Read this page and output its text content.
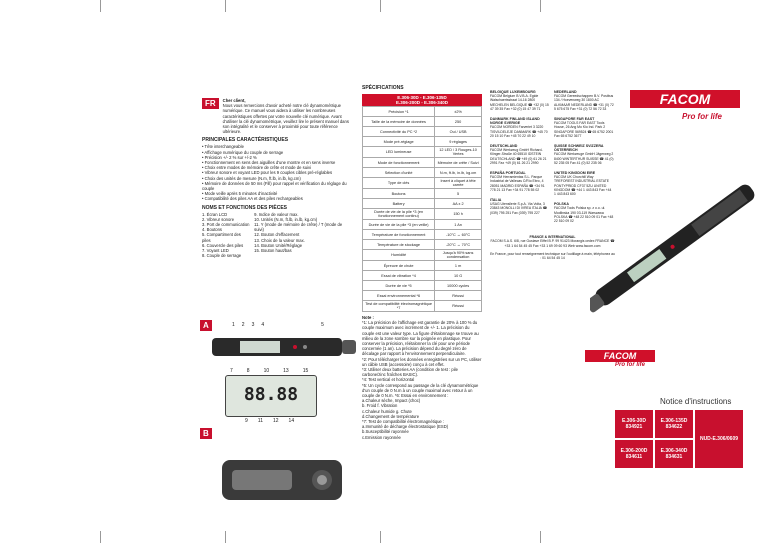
FR	Cher client,
Nous vous remercions d'avoir acheté notre clé dynamométrique numérique. Ce manuel vous aidera à utiliser les nombreuses caractéristiques offertes par votre nouvelle clé numérique. Avant d'utiliser la clé dynamométrique, veuillez lire le présent manuel dans son intégralité et le conserver à proximité pour toute référence ultérieure.
PRINCIPALES CARACTÉRISTIQUES
• Tête interchangeable
• Affichage numérique du couple de serrage
• Précision +/- 2 % sur +/-2 %
• Fonctionnement en sens des aiguilles d'une montre et en sens inverse
• Choix entre modes de mémoire de crête et mode de suivi
• Vibreur sonore et voyant LED pour les 9 couples cibles pré-réglables
• Choix des unités de mesure (N.m, ft.lb, in.lb, kg.cm)
• Mémoire de données de 50 ms (Fill) pour rappel et vérification du réglage du couple
• Mode veille après 5 minutes d'inactivité
• Compatibilité des piles AA et des piles rechargeables
NOMS ET FONCTIONS DES PIÈCES
1. Écran LCD
2. Vibreur sonore
3. Port de communication
4. Boutons
5. Compartiment des piles
6. Couvercle des piles
7. Voyant LED
8. Couple de serrage
9. Indice de valeur max.
10. Unités (N.m, ft.lb, in.lb, kg.cm)
11. Y (mode de mémoire de crête) / T (mode de suivi)
12. Bouton d'effacement
13. Choix de la valeur max.
14. Bouton Unité/Réglage
15. Bouton haut/bas
A
B
1 2 3 4	5
88.88
7	8	10	13	15
9 11 12 14
SPÉCIFICATIONS
E.306-30D - E.306-135D
E.306-200D - E.306-340D
Précision *1	±2%
Taille de la mémoire de données	250
Connectivité du PC *2	Oui / USB
Mode pré-réglage	9 réglages
LED lumineuse	12 LED / 3 Rouges-10 Vertes
Mode de fonctionnement	Mémoire de crête / Suivi
Sélection d'unité	N.m, ft.lb, in.lb, kg.cm
Type de clés	Insert à cliquet à tête carrée
Boutons	5
Battery	AA x 2
Durée de vie de la pile *3 (en fonctionnement continu)	150 h
Durée de vie de la pile *3 (en veille)	1 An
Température de fonctionnement	-10°C ↔ 60°C
Température de stockage	-20°C ↔ 70°C
Humidité	Jusqu'à 90% sans condensation
Épreuve de chute	1 m
Essai de vibration *4	10 G
Durée de vie *5	10000 cycles
Essai environnemental *6	Réussi
Test de compatibilité électromagnétique *7	Réussi
Note :
*1: La précision de l'affichage est garantie de 20% à 100 % du couple maximum avec incrément de +/- 1. La précision du couple est une valeur type. La figure d'étalonnage se trouve au milieu de la zone sombre sur la poignée en plastique. Pour conserver la précision, réétalonner la clé pour une période concernée (1 an). La précision dépend du degré zéro de décalage par rapport à l'environnement perpendiculaire.
*2: Pour télécharger les données enregistrées sur un PC, utiliser un câble USB (accessoire) conçu à cet effet.
*3: Utiliser deux batteries AA (condition de test : pile carbone/zinc fraîches BASIC).
*4: Test vertical et horizontal
*5: Un cycle correspond au passage de la clé dynamométrique d'un couple de 0 N.m à un couple maximal avec retour à un couple de 0 N.m. *6: Essai en environnement :
a.Chaleur sèche, Impact (choc)
b. Froid f. Vibration
c.Chaleur humide g. Chute
d.Changement de température
*7: Test de compatibilité électromagnétique :
a.Immunité de décharge électrostatique (ESD)
b.Susceptibilité rayonnée
c.Emission rayonnée
BELGIQUE LUXEMBOURG
FACOM Belgium B.V.B.A. Egide Walschaertsstraat 14-16 2800 MECHELEN BELGIQUE ☎ +32 (0) 15 47 39 35 Fax +32 (0) 15 47 39 71
DANMARK FINLAND ISLAND NORGE SVERIGE
FACOM NORDEN Farveriet 3 3220 TISVILDELEJE DANMARK ☎ +45 70 20 15 10 Fax +45 70 22 49 10
DEUTSCHLAND
FACOM Werkzeug GmbH Richard-Klinger-Straße 40 65510 IDSTEIN DEUTSCHLAND ☎ +49 (0) 61 26 21 2991 Fax +49 (0) 61 26 21 2990
ESPAÑA PORTUGAL
FACOM Herramientas S.L. Parque Industrial de Vallecas C/Río Ebro, 4 28051 MADRID ESPAÑA ☎ +34 91 778 21 13 Fax +34 91 778 55 02
ITALIA
USAG Utensilerie S.p.A. Via Volta, 3 23843 MONOLLI DI IVREA ITALIA ☎ (039) 795 251 Fax (039) 795 227
NEDERLAND
FACOM Gereedschappen B.V. Postbus 134 / Hoevenweg 30 1800 AC ALKMAAR NEDERLAND ☎ +31 (0) 72 5 675 675 Fax +31 (0) 72 56 72 33
SINGAPORE FAR EAST
FACOM TOOLS FAR EAST Tools House, 26 Ang Mo Kio Ind. Park 2 SINGAPORE 569524 ☎ 65 6752 2001 Fax 65 6752 3677
SUISSE SCHWEIZ SVIZZERA ÖSTERREICH
FACOM Werkzeuge GmbH Jägerweg 2 8400 WINTERTHUR SUISSE ☎ 41 (0) 52 235 05 Fax 41 (0) 52 235 06
UNITED KINGDOM EIRE
FACOM UK Churchill Way TREFOREST INDUSTRIAL ESTATE PONTYPRIDD CF37 5ZU UNITED KINGDOM ☎ +44 1 443 843 Fax +44 1 443 843 600
POLSKA
FACOM Tools Polska sp. z o.o. ul. Modlinska 190 03-119 Warszawa POLSKA ☎ +48 22 510 09 01 Fax +48 22 510 09 02
FRANCE & INTERNATIONAL
FACOM S.A.S. 6/8, rue Gustave Eiffel B.P. 99 91423 Morangis cedex FRANCE ☎ +33 1 64 54 45 45 Fax +33 1 69 09 60 93 Web www.facom.com
En France, pour tout renseignement technique sur l'outillage à main, téléphonez au : 01 64 54 45 14
FACOM
Pro for life
FACOM
Pro for life
Notice d'instructions
E.306-30D
834921
E.306-135D
834622
NUD-E.306/0609
E.306-200D
834611
E.306-340D
834631
